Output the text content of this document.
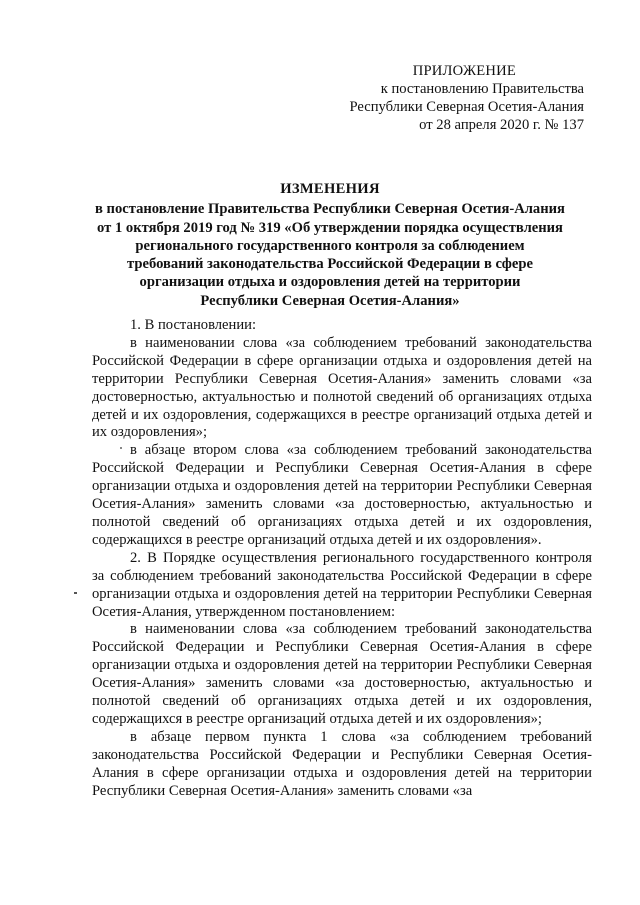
ПРИЛОЖЕНИЕ
к постановлению Правительства
Республики Северная Осетия-Алания
от 28 апреля 2020 г. № 137
ИЗМЕНЕНИЯ
в постановление Правительства Республики Северная Осетия-Алания
от 1 октября 2019 год № 319 «Об утверждении порядка осуществления
регионального государственного контроля за соблюдением
требований законодательства Российской Федерации в сфере
организации отдыха и оздоровления детей на территории
Республики Северная Осетия-Алания»

1. В постановлении:

в наименовании слова «за соблюдением требований законодательства Российской Федерации в сфере организации отдыха и оздоровления детей на территории Республики Северная Осетия-Алания» заменить словами «за достоверностью, актуальностью и полнотой сведений об организациях отдыха детей и их оздоровления, содержащихся в реестре организаций отдыха детей и их оздоровления»;

в абзаце втором слова «за соблюдением требований законодательства Российской Федерации и Республики Северная Осетия-Алания в сфере организации отдыха и оздоровления детей на территории Республики Северная Осетия-Алания» заменить словами «за достоверностью, актуальностью и полнотой сведений об организациях отдыха детей и их оздоровления, содержащихся в реестре организаций отдыха детей и их оздоровления».

2. В Порядке осуществления регионального государственного контроля за соблюдением требований законодательства Российской Федерации в сфере организации отдыха и оздоровления детей на территории Республики Северная Осетия-Алания, утвержденном постановлением:

в наименовании слова «за соблюдением требований законодательства Российской Федерации и Республики Северная Осетия-Алания в сфере организации отдыха и оздоровления детей на территории Республики Северная Осетия-Алания» заменить словами «за достоверностью, актуальностью и полнотой сведений об организациях отдыха детей и их оздоровления, содержащихся в реестре организаций отдыха детей и их оздоровления»;

в абзаце первом пункта 1 слова «за соблюдением требований законодательства Российской Федерации и Республики Северная Осетия-Алания в сфере организации отдыха и оздоровления детей на территории Республики Северная Осетия-Алания» заменить словами «за
